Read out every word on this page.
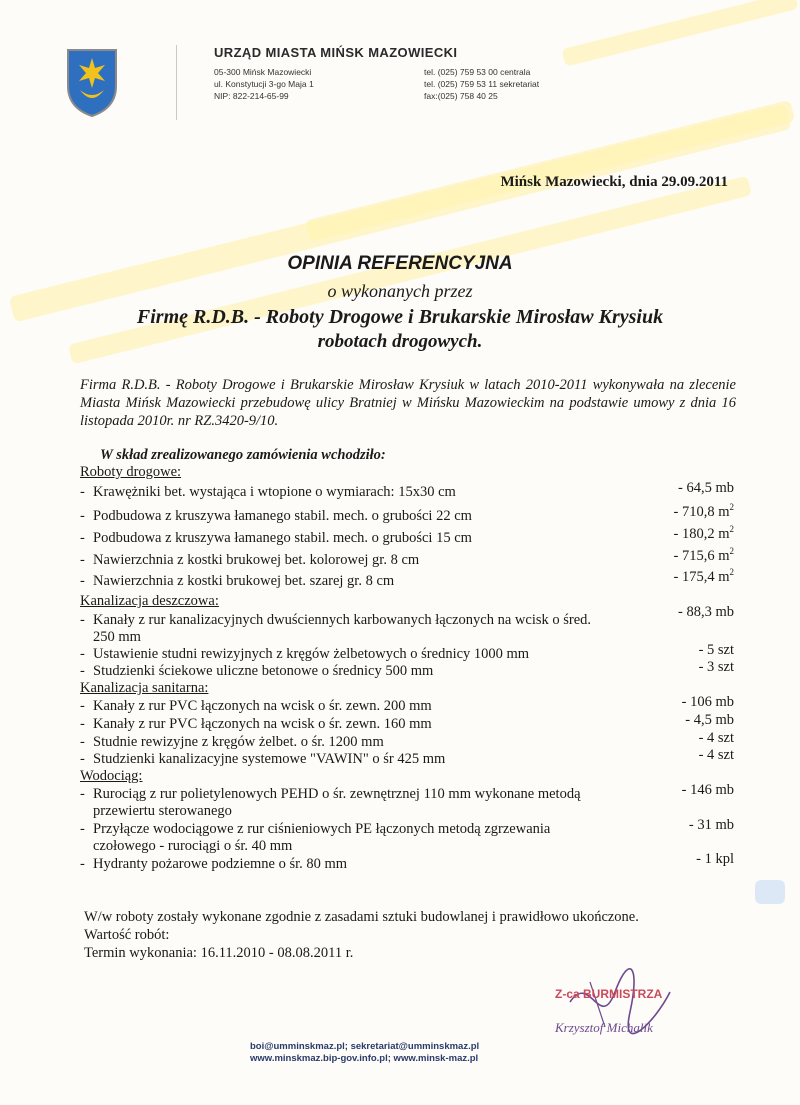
URZĄD MIASTA MIŃSK MAZOWIECKI
05-300 Mińsk Mazowiecki
ul. Konstytucji 3-go Maja 1
NIP: 822-214-65-99
tel. (025) 759 53 00 centrala
tel. (025) 759 53 11 sekretariat
fax:(025) 758 40 25
Mińsk Mazowiecki, dnia 29.09.2011
OPINIA REFERENCYJNA
o wykonanych przez
Firmę R.D.B. - Roboty Drogowe i Brukarskie Mirosław Krysiuk
robotach drogowych.
Firma R.D.B. - Roboty Drogowe i Brukarskie Mirosław Krysiuk w latach 2010-2011 wykonywała na zlecenie Miasta Mińsk Mazowiecki przebudowę ulicy Bratniej w Mińsku Mazowieckim na podstawie umowy z dnia 16 listopada 2010r. nr RZ.3420-9/10.
W skład zrealizowanego zamówienia wchodziło:
Roboty drogowe:
- Krawężniki bet. wystająca i wtopione o wymiarach: 15x30 cm	- 64,5 mb
- Podbudowa z kruszywa łamanego stabil. mech. o grubości 22 cm	- 710,8 $m^2$
- Podbudowa z kruszywa łamanego stabil. mech. o grubości 15 cm	- 180,2 $m^2$
- Nawierzchnia z kostki brukowej bet. kolorowej gr. 8 cm	- 715,6 $m^2$
- Nawierzchnia z kostki brukowej bet. szarej gr. 8 cm	- 175,4 $m^2$
Kanalizacja deszczowa:
- Kanały z rur kanalizacyjnych dwuściennych karbowanych łączonych na wcisk o śred. 250 mm
- 88,3 mb
- Ustawienie studni rewizyjnych z kręgów żelbetowych o średnicy 1000 mm	- 5 szt
- Studzienki ściekowe uliczne betonowe o średnicy 500 mm	- 3 szt
Kanalizacja sanitarna:
- Kanały z rur PVC łączonych na wcisk o śr. zewn. 200 mm	- 106 mb
- Kanały z rur PVC łączonych na wcisk o śr. zewn. 160 mm	- 4,5 mb
- Studnie rewizyjne z kręgów żelbet. o śr. 1200 mm	- 4 szt
- Studzienki kanalizacyjne systemowe "VAWIN" o śr 425 mm	- 4 szt
Wodociąg:
- Rurociąg z rur polietylenowych PEHD o śr. zewnętrznej 110 mm wykonane metodą przewiertu sterowanego
- 146 mb
- Przyłącze wodociągowe z rur ciśnieniowych PE łączonych metodą zgrzewania czołowego - rurociągi o śr. 40 mm
- 31 mb
- Hydranty pożarowe podziemne o śr. 80 mm	- 1 kpl
W/w roboty zostały wykonane zgodnie z zasadami sztuki budowlanej i prawidłowo ukończone.
Wartość robót:
Termin wykonania: 16.11.2010 - 08.08.2011 r.
Z-ca BURMISTRZA
Krzysztof Michalik
boi@umminskmaz.pl; sekretariat@umminskmaz.pl
www.minskmaz.bip-gov.info.pl; www.minsk-maz.pl
